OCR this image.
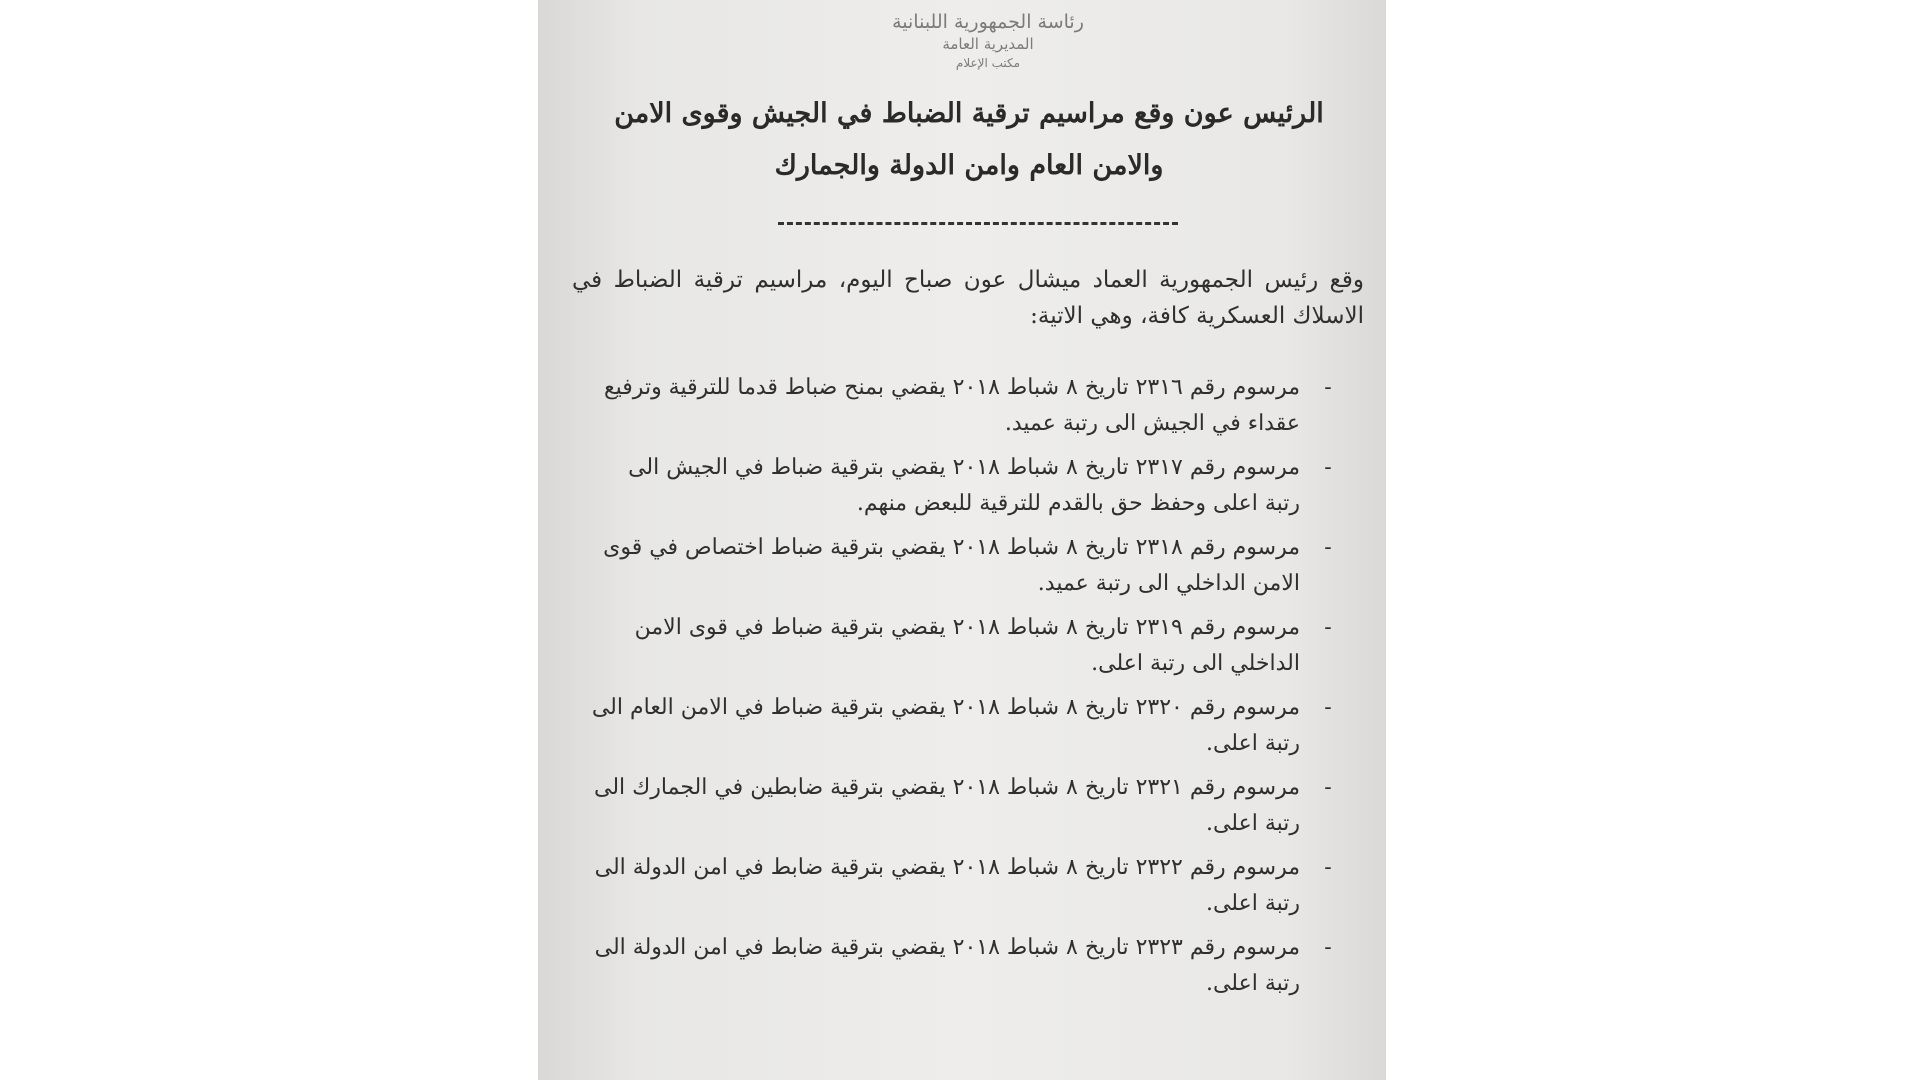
رئاسة الجمهورية اللبنانية
المديرية العامة
مكتب الإعلام
الرئيس عون وقع مراسيم ترقية الضباط في الجيش وقوى الامن والامن العام وامن الدولة والجمارك
وقع رئيس الجمهورية العماد ميشال عون صباح اليوم، مراسيم ترقية الضباط في الاسلاك العسكرية كافة، وهي الاتية:
-
مرسوم رقم ٢٣١٦ تاريخ ٨ شباط ٢٠١٨ يقضي بمنح ضباط قدما للترقية وترفيع عقداء في الجيش الى رتبة عميد.
-
مرسوم رقم ٢٣١٧ تاريخ ٨ شباط ٢٠١٨ يقضي بترقية ضباط في الجيش الى رتبة اعلى وحفظ حق بالقدم للترقية للبعض منهم.
-
مرسوم رقم ٢٣١٨ تاريخ ٨ شباط ٢٠١٨ يقضي بترقية ضباط اختصاص في قوى الامن الداخلي الى رتبة عميد.
-
مرسوم رقم ٢٣١٩ تاريخ ٨ شباط ٢٠١٨ يقضي بترقية ضباط في قوى الامن الداخلي الى رتبة اعلى.
-
مرسوم رقم ٢٣٢٠ تاريخ ٨ شباط ٢٠١٨ يقضي بترقية ضباط في الامن العام الى رتبة اعلى.
-
مرسوم رقم ٢٣٢١ تاريخ ٨ شباط ٢٠١٨ يقضي بترقية ضابطين في الجمارك الى رتبة اعلى.
-
مرسوم رقم ٢٣٢٢ تاريخ ٨ شباط ٢٠١٨ يقضي بترقية ضابط في امن الدولة الى رتبة اعلى.
-
مرسوم رقم ٢٣٢٣ تاريخ ٨ شباط ٢٠١٨ يقضي بترقية ضابط في امن الدولة الى رتبة اعلى.
